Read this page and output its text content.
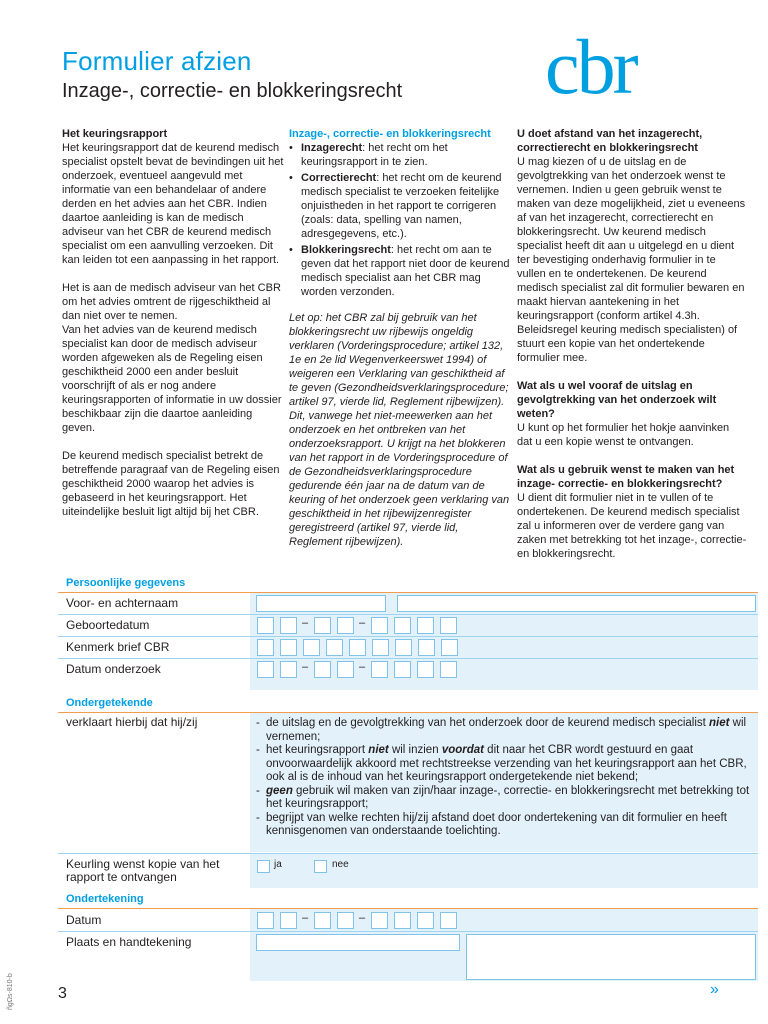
Formulier afzien
Inzage-, correctie- en blokkeringsrecht cbr
Het keuringsrapport

Het keuringsrapport dat de keurend medisch specialist opstelt bevat de bevindingen uit het onderzoek, eventueel aangevuld met informatie van een behandelaar of andere derden en het advies aan het CBR. Indien daartoe aanleiding is kan de medisch adviseur van het CBR de keurend medisch specialist om een aanvulling verzoeken. Dit kan leiden tot een aanpassing in het rapport.

Het is aan de medisch adviseur van het CBR om het advies omtrent de rijgeschiktheid al dan niet over te nemen.

Van het advies van de keurend medisch specialist kan door de medisch adviseur worden afgeweken als de Regeling eisen geschiktheid 2000 een ander besluit voorschrijft of als er nog andere keuringsrapporten of informatie in uw dossier beschikbaar zijn die daartoe aanleiding geven.

De keurend medisch specialist betrekt de betreffende paragraaf van de Regeling eisen geschiktheid 2000 waarop het advies is gebaseerd in het keuringsrapport. Het uiteindelijke besluit ligt altijd bij het CBR.

Inzage-, correctie- en blokkeringsrecht
• Inzagerecht: het recht om het keuringsrapport in te zien.
• Correctierecht: het recht om de keurend medisch specialist te verzoeken feitelijke onjuistheden in het rapport te corrigeren (zoals: data, spelling van namen, adresgegevens, etc.).
• Blokkeringsrecht: het recht om aan te geven dat het rapport niet door de keurend medisch specialist aan het CBR mag worden verzonden.

Let op: het CBR zal bij gebruik van het blokkeringsrecht uw rijbewijs ongeldig verklaren (Vorderingsprocedure; artikel 132, 1e en 2e lid Wegenverkeerswet 1994) of weigeren een Verklaring van geschiktheid af te geven (Gezondheidsverklaringsprocedure; artikel 97, vierde lid, Reglement rijbewijzen). Dit, vanwege het niet-meewerken aan het onderzoek en het ontbreken van het onderzoeksrapport. U krijgt na het blokkeren van het rapport in de Vorderingsprocedure of de Gezondheidsverklaringsprocedure gedurende één jaar na de datum van de keuring of het onderzoek geen verklaring van geschiktheid in het rijbewijzenregister geregistreerd (artikel 97, vierde lid, Reglement rijbewijzen).

U doet afstand van het inzagerecht, correctierecht en blokkeringsrecht

U mag kiezen of u de uitslag en de gevolgtrekking van het onderzoek wenst te vernemen. Indien u geen gebruik wenst te maken van deze mogelijkheid, ziet u eveneens af van het inzagerecht, correctierecht en blokkeringsrecht. Uw keurend medisch specialist heeft dit aan u uitgelegd en u dient ter bevestiging onderhavig formulier in te vullen en te ondertekenen. De keurend medisch specialist zal dit formulier bewaren en maakt hiervan aantekening in het keuringsrapport (conform artikel 4.3h. Beleidsregel keuring medisch specialisten) of stuurt een kopie van het ondertekende formulier mee.

Wat als u wel vooraf de uitslag en gevolgtrekking van het onderzoek wilt weten?

U kunt op het formulier het hokje aanvinken dat u een kopie wenst te ontvangen.

Wat als u gebruik wenst te maken van het inzage- correctie- en blokkeringsrecht?

U dient dit formulier niet in te vullen of te ondertekenen. De keurend medisch specialist zal u informeren over de verdere gang van zaken met betrekking tot het inzage-, correctie- en blokkeringsrecht.

Persoonlijke gegevens
Voor- en achternaam
Geboortedatum	–	–
Kenmerk brief CBR
Datum onderzoek	–	–
Ondergetekende
verklaart hierbij dat hij/zij	- de uitslag en de gevolgtrekking van het onderzoek door de keurend medisch specialist niet wil vernemen;
- het keuringsrapport niet wil inzien voordat dit naar het CBR wordt gestuurd en gaat onvoorwaardelijk akkoord met rechtstreekse verzending van het keuringsrapport aan het CBR, ook al is de inhoud van het keuringsrapport ondergetekende niet bekend;
- geen gebruik wil maken van zijn/haar inzage-, correctie- en blokkeringsrecht met betrekking tot het keuringsrapport;
- begrijpt van welke rechten hij/zij afstand doet door ondertekening van dit formulier en heeft kennisgenomen van onderstaande toelichting.
Keurling wenst kopie van het rapport te ontvangen
ja	nee
Ondertekening
Datum	–	–
Plaats en handtekening
3
ñgΩs-810-b	»
